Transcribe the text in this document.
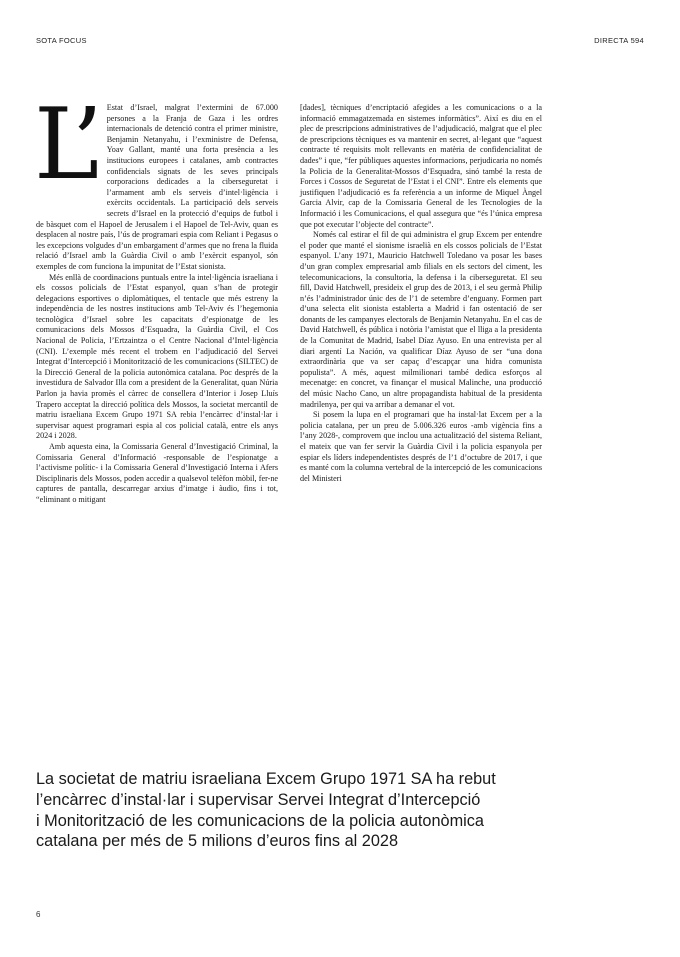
SOTA FOCUS	DIRECTA 594
L’ Estat d’Israel, malgrat l’extermini de 67.000 persones a la Franja de Gaza i les ordres internacionals de detenció contra el primer ministre, Benjamin Netanyahu, i l’exministre de Defensa, Yoav Gallant, manté una forta presència a les institucions europees i catalanes, amb contractes confidencials signats de les seves principals corporacions dedicades a la ciberseguretat i l’armament amb els serveis d’intel·ligència i exèrcits occidentals. La participació dels serveis secrets d’Israel en la protecció d’equips de futbol i de bàsquet com el Hapoel de Jerusalem i el Hapoel de Tel-Aviv, quan es desplacen al nostre país, l’ús de programari espia com Reliant i Pegasus o les excepcions volgudes d’un embargament d’armes que no frena la fluida relació d’Israel amb la Guàrdia Civil o amb l’exèrcit espanyol, són exemples de com funciona la impunitat de l’Estat sionista.

Més enllà de coordinacions puntuals entre la intel·ligència israeliana i els cossos policials de l’Estat espanyol, quan s’han de protegir delegacions esportives o diplomàtiques, el tentacle que més estreny la independència de les nostres institucions amb Tel-Aviv és l’hegemonia tecnològica d’Israel sobre les capacitats d’espionatge de les comunicacions dels Mossos d’Esquadra, la Guàrdia Civil, el Cos Nacional de Policia, l’Ertzaintza o el Centre Nacional d’Intel·ligència (CNI). L’exemple més recent el trobem en l’adjudicació del Servei Integrat d’Intercepció i Monitorització de les comunicacions (SILTEC) de la Direcció General de la policia autonòmica catalana. Poc després de la investidura de Salvador Illa com a president de la Generalitat, quan Núria Parlon ja havia promès el càrrec de consellera d’Interior i Josep Lluís Trapero acceptat la direcció política dels Mossos, la societat mercantil de matriu israeliana Excem Grupo 1971 SA rebia l’encàrrec d’instal·lar i supervisar aquest programari espia al cos policial català, entre els anys 2024 i 2028.

Amb aquesta eina, la Comissaria General d’Investigació Criminal, la Comissaria General d’Informació -responsable de l’espionatge a l’activisme polític- i la Comissaria General d’Investigació Interna i Afers Disciplinaris dels Mossos, poden accedir a qualsevol telèfon mòbil, fer-ne captures de pantalla, descarregar arxius d’imatge i àudio, fins i tot, “eliminant o mitigant

[dades], tècniques d’encriptació afegides a les comunicacions o a la informació emmagatzemada en sistemes informàtics”. Així es diu en el plec de prescripcions administratives de l’adjudicació, malgrat que el plec de prescripcions tècniques es va mantenir en secret, al·legant que “aquest contracte té requisits molt rellevants en matèria de confidencialitat de dades” i que, “fer públiques aquestes informacions, perjudicaria no només la Policia de la Generalitat-Mossos d’Esquadra, sinó també la resta de Forces i Cossos de Seguretat de l’Estat i el CNI”. Entre els elements que justifiquen l’adjudicació es fa referència a un informe de Miquel Àngel Garcia Alvir, cap de la Comissaria General de les Tecnologies de la Informació i les Comunicacions, el qual assegura que “és l’única empresa que pot executar l’objecte del contracte”.

Només cal estirar el fil de qui administra el grup Excem per entendre el poder que manté el sionisme israelià en els cossos policials de l’Estat espanyol. L’any 1971, Mauricio Hatchwell Toledano va posar les bases d’un gran complex empresarial amb filials en els sectors del ciment, les telecomunicacions, la consultoria, la defensa i la ciberseguretat. El seu fill, David Hatchwell, presideix el grup des de 2013, i el seu germà Philip n’és l’administrador únic des de l’1 de setembre d’enguany. Formen part d’una selecta elit sionista establerta a Madrid i fan ostentació de ser donants de les campanyes electorals de Benjamin Netanyahu. En el cas de David Hatchwell, és pública i notòria l’amistat que el lliga a la presidenta de la Comunitat de Madrid, Isabel Díaz Ayuso. En una entrevista per al diari argentí La Nación, va qualificar Díaz Ayuso de ser “una dona extraordinària que va ser capaç d’escapçar una hidra comunista populista”. A més, aquest milmilionari també dedica esforços al mecenatge: en concret, va finançar el musical Malinche, una producció del músic Nacho Cano, un altre propagandista habitual de la presidenta madrilenya, per qui va arribar a demanar el vot.

Si posem la lupa en el programari que ha instal·lat Excem per a la policia catalana, per un preu de 5.006.326 euros -amb vigència fins a l’any 2028-, comprovem que inclou una actualització del sistema Reliant, el mateix que van fer servir la Guàrdia Civil i la policia espanyola per espiar els líders independentistes després de l’1 d’octubre de 2017, i que es manté com la columna vertebral de la intercepció de les comunicacions del Ministeri

La societat de matriu israeliana Excem Grupo 1971 SA ha rebut
l’encàrrec d’instal·lar i supervisar Servei Integrat d’Intercepció
i Monitorització de les comunicacions de la policia autonòmica
catalana per més de 5 milions d’euros fins al 2028
6
